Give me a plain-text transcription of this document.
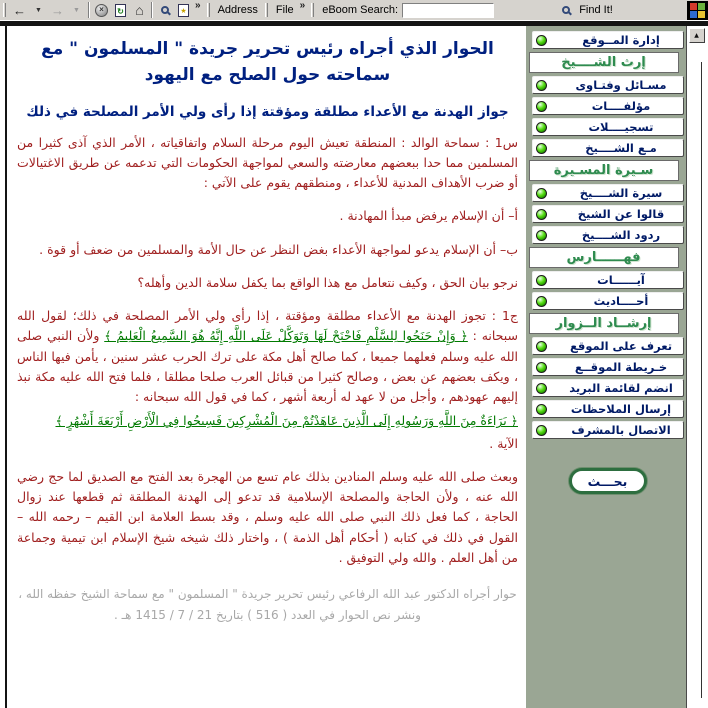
← ▼ → ▼	×	↻ ⌂	★ » Address File » eBoom Search:	Find It!
الحوار الذي أجراه رئيس تحرير جريدة " المسلمون " مع سماحته حول الصلح مع اليهود
جواز الهدنة مع الأعداء مطلقة ومؤقتة إذا رأى ولي الأمر المصلحة في ذلك

س1 : سماحة الوالد : المنطقة تعيش اليوم مرحلة السلام واتفاقياته ، الأمر الذي آذى كثيرا من المسلمين مما حدا ببعضهم معارضته والسعي لمواجهة الحكومات التي تدعمه عن طريق الاغتيالات أو ضرب الأهداف المدنية للأعداء ، ومنطقهم يقوم على الآتي :

أ– أن الإسلام يرفض مبدأ المهادنة .

ب– أن الإسلام يدعو لمواجهة الأعداء بغض النظر عن حال الأمة والمسلمين من ضعف أو قوة .

نرجو بيان الحق ، وكيف نتعامل مع هذا الواقع بما يكفل سلامة الدين وأهله؟

ج1 : تجوز الهدنة مع الأعداء مطلقة ومؤقتة ، إذا رأى ولي الأمر المصلحة في ذلك؛ لقول الله سبحانه : ﴿ وَإِنْ جَنَحُوا لِلسَّلْمِ فَاجْنَحْ لَهَا وَتَوَكَّلْ عَلَى اللَّهِ إِنَّهُ هُوَ السَّمِيعُ الْعَلِيمُ ﴾ ولأن النبي صلى الله عليه وسلم فعلهما جميعا ، كما صالح أهل مكة على ترك الحرب عشر سنين ، يأمن فيها الناس ، ويكف بعضهم عن بعض ، وصالح كثيرا من قبائل العرب صلحا مطلقا ، فلما فتح الله عليه مكة نبذ إليهم عهودهم ، وأجل من لا عهد له أربعة أشهر ، كما في قول الله سبحانه :

﴿ بَرَاءَةٌ مِنَ اللَّهِ وَرَسُولِهِ إِلَى الَّذِينَ عَاهَدْتُمْ مِنَ الْمُشْرِكِينَ فَسِيحُوا فِي الْأَرْضِ أَرْبَعَةَ أَشْهُرٍ ﴾

الآية .

وبعث صلى الله عليه وسلم المنادين بذلك عام تسع من الهجرة بعد الفتح مع الصديق لما حج رضي الله عنه ، ولأن الحاجة والمصلحة الإسلامية قد تدعو إلى الهدنة المطلقة ثم قطعها عند زوال الحاجة ، كما فعل ذلك النبي صلى الله عليه وسلم ، وقد بسط العلامة ابن القيم – رحمه الله – القول في ذلك في كتابه ( أحكام أهل الذمة ) ، واختار ذلك شيخه شيخ الإسلام ابن تيمية وجماعة من أهل العلم . والله ولي التوفيق .

حوار أجراه الدكتور عبد الله الرفاعي رئيس تحرير جريدة " المسلمون " مع سماحة الشيخ حفظه الله ، ونشر نص الحوار في العدد ( 516 ) بتاريخ 21 / 7 / 1415 هـ .

إدارة المــوقع
إرث الشــــيخ
مسـائل وفتـاوى
مؤلفــــات
تسجيــــلات
مـع الشــــيخ
سـيرة المسـيرة
سيرة الشــــيخ
قالوا عن الشيخ
ردود الشــــيخ
فهــــــارس
آيــــــات
أحــــاديث
إرشــاد الــزوار
تعرف على الموقع
خـريطة الموقــع
انضم لقائمة البريد
إرسال الملاحظات
الاتصال بالمشرف
بحـــث
▲
